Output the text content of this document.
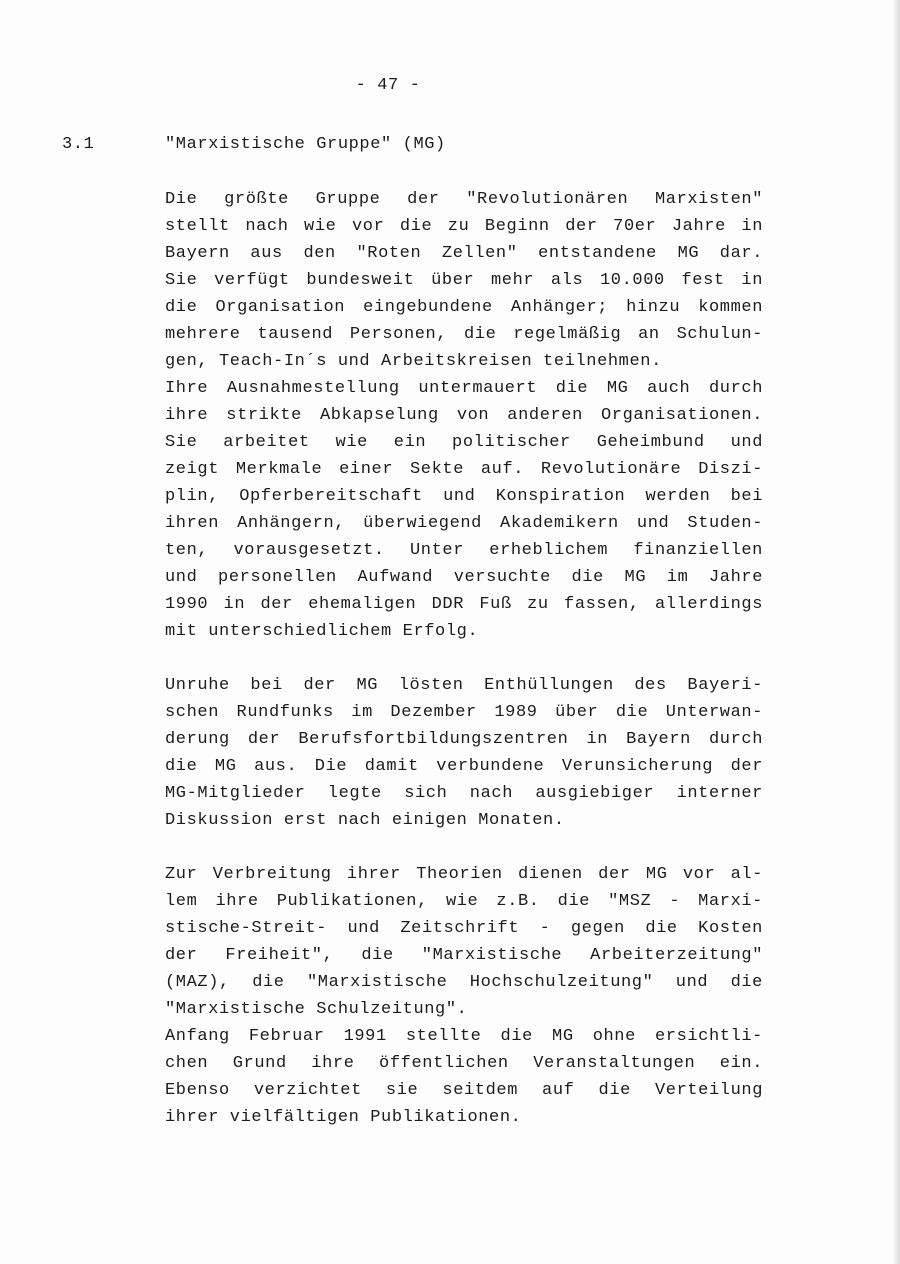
- 47 -
3.1	"Marxistische Gruppe" (MG)
Die größte Gruppe der "Revolutionären Marxisten"
stellt nach wie vor die zu Beginn der 70er Jahre in
Bayern aus den "Roten Zellen" entstandene MG dar.
Sie verfügt bundesweit über mehr als 10.000 fest in
die Organisation eingebundene Anhänger; hinzu kommen
mehrere tausend Personen, die regelmäßig an Schulun-
gen, Teach-In´s und Arbeitskreisen teilnehmen.
Ihre Ausnahmestellung untermauert die MG auch durch
ihre strikte Abkapselung von anderen Organisationen.
Sie arbeitet wie ein politischer Geheimbund und
zeigt Merkmale einer Sekte auf. Revolutionäre Diszi-
plin, Opferbereitschaft und Konspiration werden bei
ihren Anhängern, überwiegend Akademikern und Studen-
ten, vorausgesetzt. Unter erheblichem finanziellen
und personellen Aufwand versuchte die MG im Jahre
1990 in der ehemaligen DDR Fuß zu fassen, allerdings
mit unterschiedlichem Erfolg.
Unruhe bei der MG lösten Enthüllungen des Bayeri-
schen Rundfunks im Dezember 1989 über die Unterwan-
derung der Berufsfortbildungszentren in Bayern durch
die MG aus. Die damit verbundene Verunsicherung der
MG-Mitglieder legte sich nach ausgiebiger interner
Diskussion erst nach einigen Monaten.
Zur Verbreitung ihrer Theorien dienen der MG vor al-
lem ihre Publikationen, wie z.B. die "MSZ - Marxi-
stische-Streit- und Zeitschrift - gegen die Kosten
der Freiheit", die "Marxistische Arbeiterzeitung"
(MAZ), die "Marxistische Hochschulzeitung" und die
"Marxistische Schulzeitung".
Anfang Februar 1991 stellte die MG ohne ersichtli-
chen Grund ihre öffentlichen Veranstaltungen ein.
Ebenso verzichtet sie seitdem auf die Verteilung
ihrer vielfältigen Publikationen.
